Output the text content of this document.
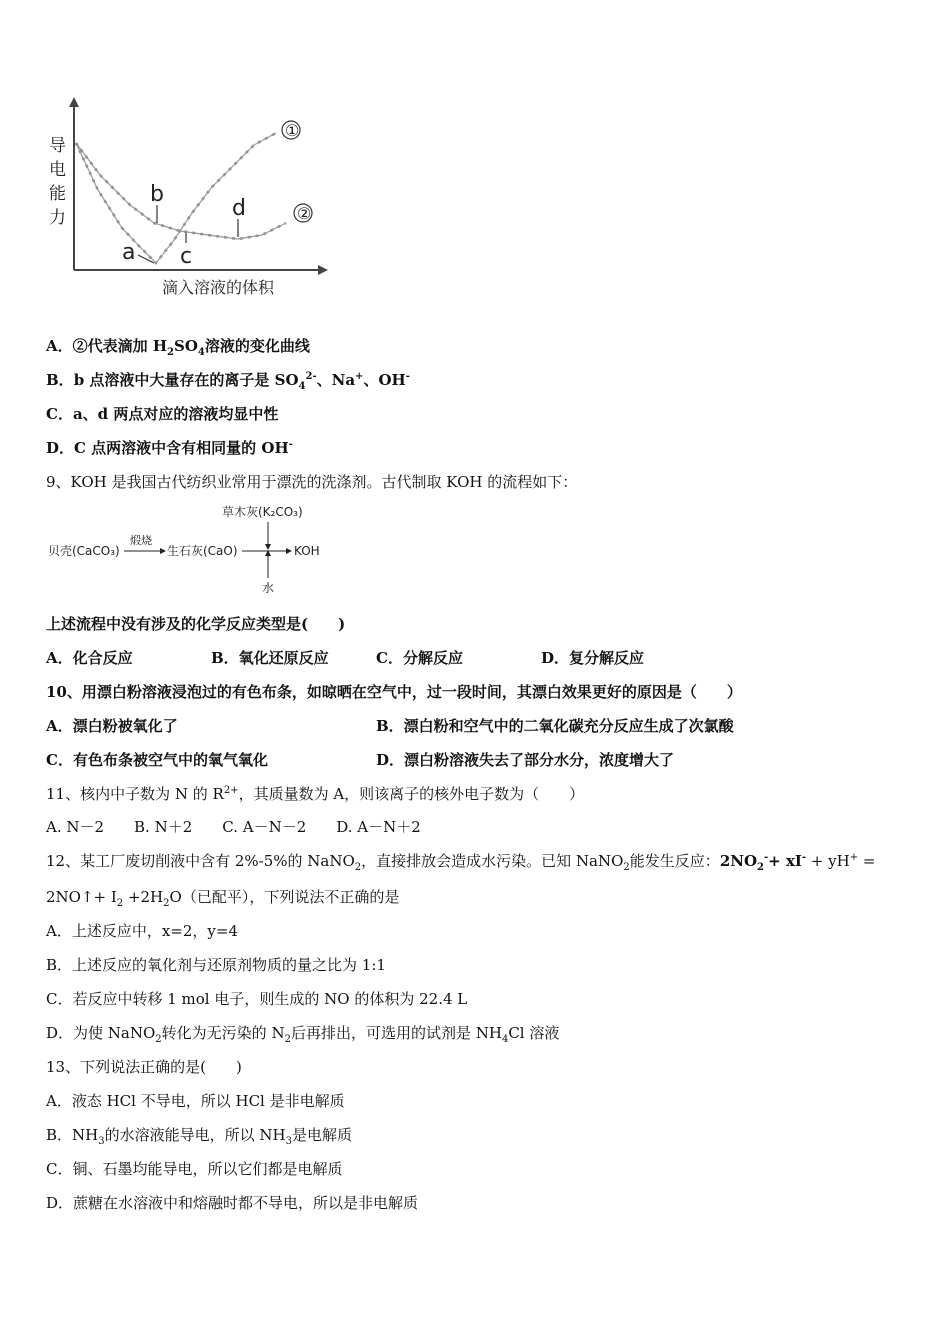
导
电
能
力
滴入溶液的体积
①
②
b
d
a c
A．②代表滴加 $H_2SO_4$溶液的变化曲线
B．b 点溶液中大量存在的离子是 $SO_4^{2-}$、Na+、OH-
C．a、d 两点对应的溶液均显中性
D．C 点两溶液中含有相同量的 OH-
9、KOH 是我国古代纺织业常用于漂洗的洗涤剂。古代制取 KOH 的流程如下：
贝壳(CaCO₃)
煅烧
生石灰(CaO)
草木灰(K₂CO₃)
KOH
水
上述流程中没有涉及的化学反应类型是(　　)
A．化合反应	B．氧化还原反应	C．分解反应	D．复分解反应
10、用漂白粉溶液浸泡过的有色布条，如晾晒在空气中，过一段时间，其漂白效果更好的原因是（　　）
A．漂白粉被氧化了	B．漂白粉和空气中的二氧化碳充分反应生成了次氯酸
C．有色布条被空气中的氧气氧化	D．漂白粉溶液失去了部分水分，浓度增大了
11、核内中子数为 N 的 $R^{2+}$，其质量数为 A，则该离子的核外电子数为（　　）
A. N－2　　B. N＋2　　C. A－N－2　　D. A－N＋2
12、某工厂废切削液中含有 2%-5%的 NaNO$_2$，直接排放会造成水污染。已知 NaNO$_2$能发生反应：$2NO_2^-+ xI^- + yH^+$ =
2NO↑+ $I_2 +2H_2O$（已配平），下列说法不正确的是
A．上述反应中，x=2，y=4
B．上述反应的氧化剂与还原剂物质的量之比为 1:1
C．若反应中转移 1 mol 电子，则生成的 NO 的体积为 22.4 L
D．为使 NaNO$_2$转化为无污染的 $N_2$后再排出，可选用的试剂是 $NH_4Cl$ 溶液
13、下列说法正确的是(　　)
A．液态 HCl 不导电，所以 HCl 是非电解质
B．$NH_3$的水溶液能导电，所以 $NH_3$是电解质
C．铜、石墨均能导电，所以它们都是电解质
D．蔗糖在水溶液中和熔融时都不导电，所以是非电解质
